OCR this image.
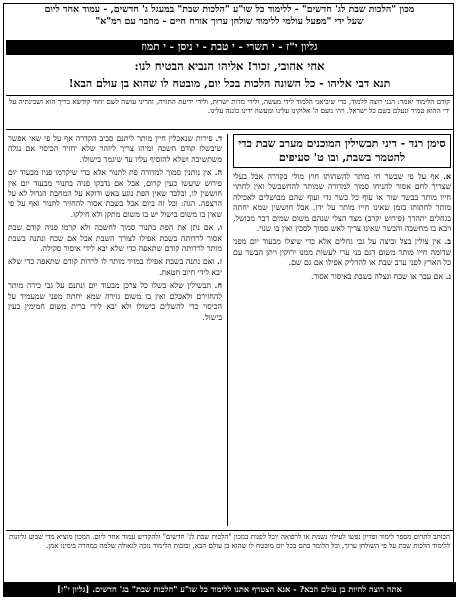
מכון "הלכות שבת לג' חדשים" - ללימוד כל שו"ע "הלכות שבת" במעגל ג' חדשים, - עמוד אחד ליום
שעל ידי "מפעל עולמי ללימוד שולחן ערוך אורח חיים - מחבר עם רמ"א"
גליון י"ז - י תשרי - י טבת - י ניסן - י תמוז
אחי אהובי, זכור! אליהו הנביא הבטיח לנו:
תנא דבי אליהו - כל השונה הלכות בכל יום, מובטח לו שהוא בן עולם הבא!
קודם הלימוד יאמר: הנני רוצה ללמוד, כדי שיביאני הלמוד לידי מעשה, ולידי מדות ישרות, ולידי ידיעת התורה, והריני עושה לשם יחוד קודשא בריך הוא ושכינתיה על ידי ההוא טמיר ונעלם בשם כל ישראל. ויהי נועם ה' אלוקינו עלינו ומעשה ידינו כוננה עלינו.
סימן רנד - דיני תבשילין המוכנים מערב שבת כדי להטמר בשבת, ובו ט' סעיפים

א. אף על פי שבשר חי מותר להשהותו חוץ מולי בקדרה אבל בעלי שצריך לחם אסור להניחו סמוך למדורה שמותר להחשבשל ואין לחתוי חייו מותר בבשר שור או עוף כל בשר גדי ועוף שהם מבושלים לאכילה מותר לחתותו בזמן שאינו חייו מותר על ידו. אבל חוששין שמא יחתה בגחלים יתהדך (פירוש יקרב) מצד הצלי שנהם משום שמים דבר מבושל, ויבא בו מחשבה והבשר שאינו צריך לאש סמוך לסכין ואין בו שנוי.

ב. אין צולין בצל וביצה על גבי גחלים אלא כדי שיצלו מבעוד יום מפני שדומה חייו מותר משום דגם בני ערי לעשות ממנו ירוקין ויתן הבשר עם כל הארץ לפני ערב שבת או להדליק אפילו אם גם שם.

ג. אם עבר או שכח ונצלה בשבת באיסור אסור.

ד. פירות שנאכלין חיין מותר ליתנם סביב הקדרה אף על פי שאי אפשר שיבשלו קודם חשכה ומיהו צריך ליזהר שלא יחזיר הכיסוי אם נגלה משתשיכה ושלא להוסיף עליו עד שיגמר בישולו.

ה. אין נותנין סמוך למדורה פת לתנור אלא כדי שיקרמו פניו מבעוד יום פירוש שיעשו כעין קרום, אבל אם נדבקו פניה בתנור מבעוד יום אין חוששין לו, ובלבד שאין הפת נוגע באש ודוקא על המחבת הגדול לא על הרצפה. הגה: וכל זה ביום אבל בשבת אסור להחזיר לתנור ואף על פי שאין בו משום בישול יש בו משום מתקן ולא חילקו.

ו. אם נתן את הפת בתנור סמוך לחשכה ולא קרמו פניה קודם שבת אסור לרדותה בשבת אפילו לצורך השבת אבל אם שכח ונתנה בשבת מותר לרדותה קודם שתאפה כדי שלא יבא לידי איסור סקילה.

ז. ואם נתנה בשבת אפילו במזיד מותר לו לרדות קודם שתאפה כדי שלא יבא לידי חיוב חטאת.

ח. תבשילין שלא בשלו כל צרכן מבעוד יום ונתנם על גבי כירה מותר להחזירם ולאכלם ואין בו משום גזירה שמא יחתה מפני שמעמיד על הכיסוי כדי להשלים בישולו ולא יבא לידי ברית משום חמימין כעין בישול.

הכותב לתרום מספר לימוד ופדיון נפשו לעילוי נשמת או לרפואה יוכל לפנות במכון "הלכות שבת לג' חדשים" ולהקדיש עמוד אחד ליום. המכון מוציא מדי שבוע גליונות ללימוד הלכות שבת על פי השולחן ערוך, וכל הלומד בהם בכל יום מובטח לו שהוא בן עולם הבא, ובזכות הלימוד נזכה לגאולה שלמה במהרה בימינו אמן.
אתה רוצה להיות בן עולם הבא? - אנא הצטרף אתנו ללימוד כל שו"ע "הלכות שבת" בג' חדשים. [גליון י"ז]
